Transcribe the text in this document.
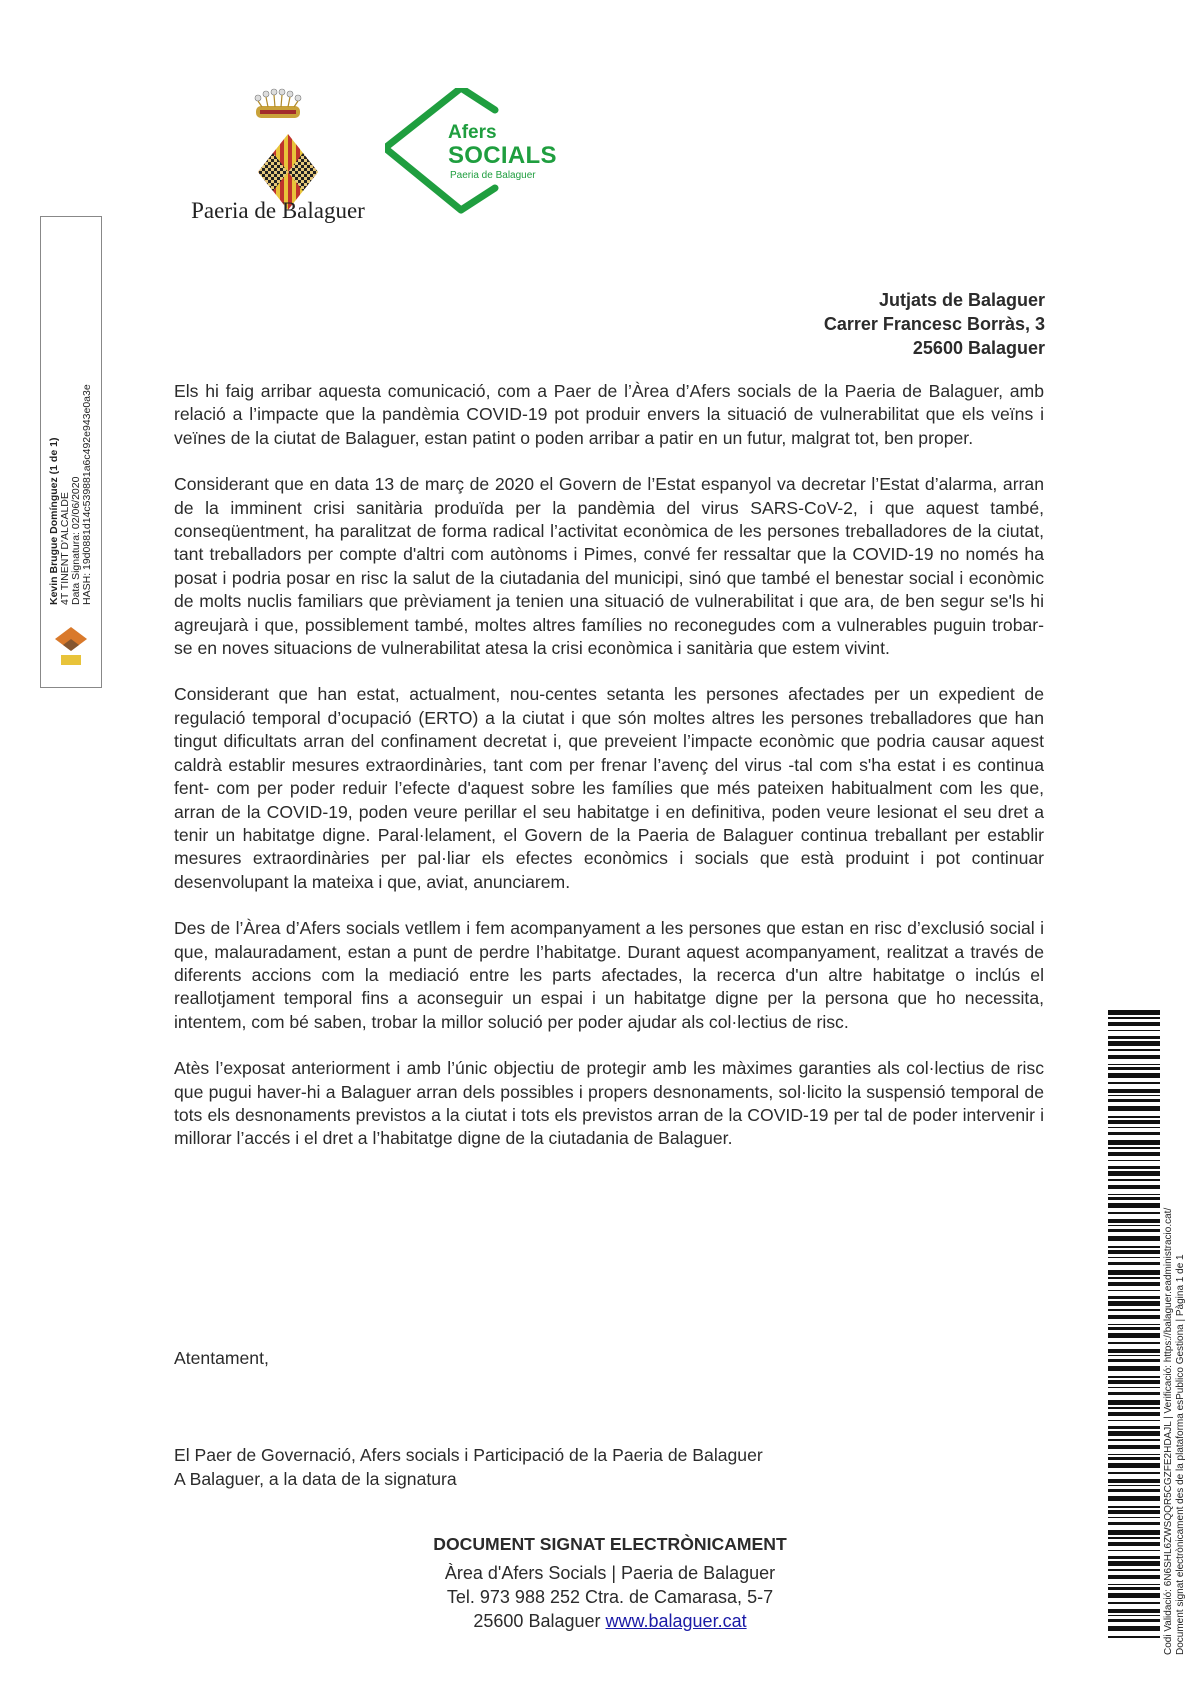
Paeria de Balaguer
Afers
SOCIALS
Paeria de Balaguer
Kevin Brugue Domínguez (1 de 1) 4T TINENT D'ALCALDE Data Signatura: 02/06/2020 HASH: 19d0881d14c539881a6c492e943e0a3e
Jutjats de Balaguer
Carrer Francesc Borràs, 3
25600 Balaguer

Els hi faig arribar aquesta comunicació, com a Paer de l’Àrea d’Afers socials de la Paeria de Balaguer, amb relació a l’impacte que la pandèmia COVID-19 pot produir envers la situació de vulnerabilitat que els veïns i veïnes de la ciutat de Balaguer, estan patint o poden arribar a patir en un futur, malgrat tot, ben proper.

Considerant que en data 13 de març de 2020 el Govern de l’Estat espanyol va decretar l’Estat d’alarma, arran de la imminent crisi sanitària produïda per la pandèmia del virus SARS-CoV-2, i que aquest també, conseqüentment, ha paralitzat de forma radical l’activitat econòmica de les persones treballadores de la ciutat, tant treballadors per compte d'altri com autònoms i Pimes, convé fer ressaltar que la COVID-19 no només ha posat i podria posar en risc la salut de la ciutadania del municipi, sinó que també el benestar social i econòmic de molts nuclis familiars que prèviament ja tenien una situació de vulnerabilitat i que ara, de ben segur se'ls hi agreujarà i que, possiblement també, moltes altres famílies no reconegudes com a vulnerables puguin trobar-se en noves situacions de vulnerabilitat atesa la crisi econòmica i sanitària que estem vivint.

Considerant que han estat, actualment, nou-centes setanta les persones afectades per un expedient de regulació temporal d’ocupació (ERTO) a la ciutat i que són moltes altres les persones treballadores que han tingut dificultats arran del confinament decretat i, que preveient l’impacte econòmic que podria causar aquest caldrà establir mesures extraordinàries, tant com per frenar l’avenç del virus -tal com s'ha estat i es continua fent- com per poder reduir l’efecte d'aquest sobre les famílies que més pateixen habitualment com les que, arran de la COVID-19, poden veure perillar el seu habitatge i en definitiva, poden veure lesionat el seu dret a tenir un habitatge digne. Paral·lelament, el Govern de la Paeria de Balaguer continua treballant per establir mesures extraordinàries per pal·liar els efectes econòmics i socials que està produint i pot continuar desenvolupant la mateixa i que, aviat, anunciarem.

Des de l’Àrea d’Afers socials vetllem i fem acompanyament a les persones que estan en risc d’exclusió social i que, malauradament, estan a punt de perdre l’habitatge. Durant aquest acompanyament, realitzat a través de diferents accions com la mediació entre les parts afectades, la recerca d'un altre habitatge o inclús el reallotjament temporal fins a aconseguir un espai i un habitatge digne per la persona que ho necessita, intentem, com bé saben, trobar la millor solució per poder ajudar als col·lectius de risc.

Atès l’exposat anteriorment i amb l’únic objectiu de protegir amb les màximes garanties als col·lectius de risc que pugui haver-hi a Balaguer arran dels possibles i propers desnonaments, sol·licito la suspensió temporal de tots els desnonaments previstos a la ciutat i tots els previstos arran de la COVID-19 per tal de poder intervenir i millorar l’accés i el dret a l’habitatge digne de la ciutadania de Balaguer.

Atentament,
El Paer de Governació, Afers socials i Participació de la Paeria de Balaguer
A Balaguer, a la data de la signatura
DOCUMENT SIGNAT ELECTRÒNICAMENT
Àrea d'Afers Socials | Paeria de Balaguer
Tel. 973 988 252 Ctra. de Camarasa, 5-7
25600 Balaguer www.balaguer.cat	Codi Validació: 6N6SHL6ZWSQQR5CGZFE2HDAJL | Verificació: https://balaguer.eadministracio.cat/ Document signat electrònicament des de la plataforma esPublico Gestiona | Pàgina 1 de 1
